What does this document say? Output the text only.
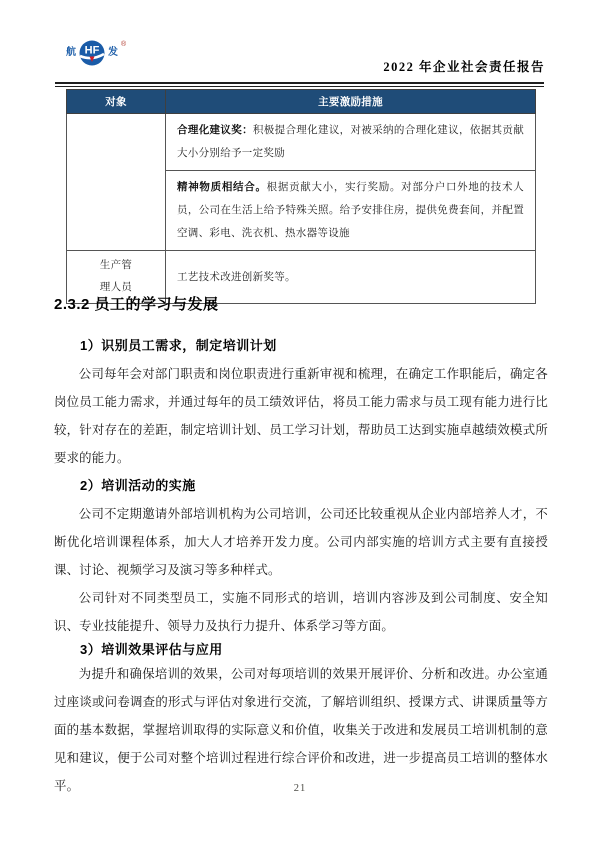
航 HF 发
®
2022 年企业社会责任报告
对象	主要激励措施
	合理化建议奖：积极提合理化建议，对被采纳的合理化建议，依据其贡献大小分别给予一定奖励
	精神物质相结合。根据贡献大小，实行奖励。对部分户口外地的技术人员，公司在生活上给予特殊关照。给予安排住房，提供免费套间，并配置空调、彩电、洗衣机、热水器等设施
生产管理人员	工艺技术改进创新奖等。
2.3.2 员工的学习与发展
1）识别员工需求，制定培训计划

公司每年会对部门职责和岗位职责进行重新审视和梳理，在确定工作职能后，确定各岗位员工能力需求，并通过每年的员工绩效评估，将员工能力需求与员工现有能力进行比较，针对存在的差距，制定培训计划、员工学习计划，帮助员工达到实施卓越绩效模式所要求的能力。

2）培训活动的实施

公司不定期邀请外部培训机构为公司培训，公司还比较重视从企业内部培养人才，不断优化培训课程体系，加大人才培养开发力度。公司内部实施的培训方式主要有直接授课、讨论、视频学习及演习等多种样式。

公司针对不同类型员工，实施不同形式的培训，培训内容涉及到公司制度、安全知识、专业技能提升、领导力及执行力提升、体系学习等方面。

3）培训效果评估与应用

为提升和确保培训的效果，公司对每项培训的效果开展评价、分析和改进。办公室通过座谈或问卷调查的形式与评估对象进行交流，了解培训组织、授课方式、讲课质量等方面的基本数据，掌握培训取得的实际意义和价值，收集关于改进和发展员工培训机制的意见和建议，便于公司对整个培训过程进行综合评价和改进，进一步提高员工培训的整体水平。	21
